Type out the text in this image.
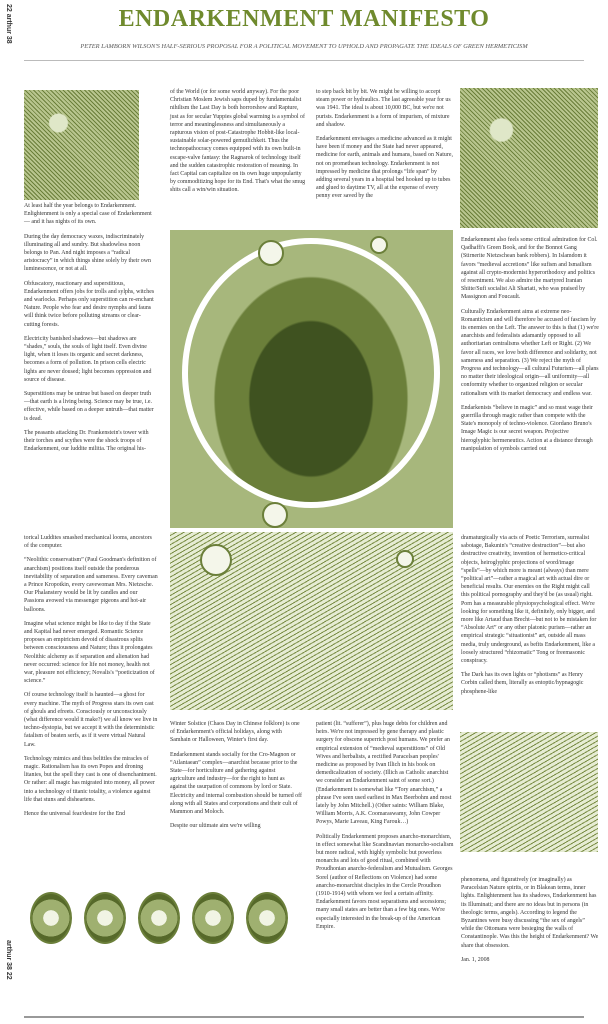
22 arthur 38
arthur 38 22
ENDARKENMENT MANIFESTO
PETER LAMBORN WILSON'S HALF-SERIOUS PROPOSAL FOR A POLITICAL MOVEMENT TO UPHOLD AND PROPAGATE THE IDEALS OF GREEN HERMETICISM

At least half the year belongs to Endarkenment. Enlightenment is only a special case of Endarkenment— and it has nights of its own.

During the day democracy waxes, indiscriminately illuminating all and sundry. But shadowless noon belongs to Pan. And night imposes a “radical aristocracy” in which things shine solely by their own luminescence, or not at all.

Obfuscatory, reactionary and superstitious, Endarkenment offers jobs for trolls and sylphs, witches and warlocks. Perhaps only superstition can re-enchant Nature. People who fear and desire nymphs and fauns will think twice before polluting streams or clear-cutting forests.

Electricity banished shadows—but shadows are “shades,” souls, the souls of light itself. Even divine light, when it loses its organic and secret darkness, becomes a form of pollution. In prison cells electric lights are never doused; light becomes oppression and source of disease.

Superstitions may be untrue but based on deeper truth—that earth is a living being. Science may be true, i.e. effective, while based on a deeper untruth—that matter is dead.

The peasants attacking Dr. Frankenstein's tower with their torches and scythes were the shock troops of Endarkenment, our luddite militia. The original his-

of the World (or for some world anyway). For the poor Christian Moslem Jewish saps duped by fundamentalist nihilism the Last Day is both horrorshow and Rapture, just as for secular Yuppies global warming is a symbol of terror and meaninglessness and simultaneously a rapturous vision of post-Catastrophe Hobbit-like local-sustainable solar-powered gemutlichkeit. Thus the technopathocracy comes equipped with its own built-in escape-valve fantasy: the Ragnarok of technology itself and the sudden catastrophic restoration of meaning. In fact Capital can capitalize on its own huge unpopularity by commoditizing hope for its End. That's what the smug shits call a win/win situation.

to step back bit by bit. We might be willing to accept steam power or hydraulics. The last agreeable year for us was 1941. The ideal is about 10,000 BC, but we're not purists. Endarkenment is a form of impurism, of mixture and shadow.

Endarkenment envisages a medicine advanced as it might have been if money and the State had never appeared, medicine for earth, animals and humans, based on Nature, not on promethean technology. Endarkenment is not impressed by medicine that prolongs “life span” by adding several years in a hospital bed hooked up to tubes and glued to daytime TV, all at the expense of every penny ever saved by the

Endarkenment also feels some critical admiration for Col. Qadhaffi's Green Book, and for the Bonnot Gang (Stirnerite Nietzschean bank robbers). In Islamdom it favors “medieval accretions” like sufism and Ismailism against all crypto-modernist hyperorthodoxy and politics of resentment. We also admire the martyred Iranian Shiite/Sufi socialist Ali Shariati, who was praised by Massignon and Foucault.

Culturally Endarkenment aims at extreme neo-Romanticism and will therefore be accused of fascism by its enemies on the Left. The answer to this is that (1) we're anarchists and federalists adamantly opposed to all authoritarian centralisms whether Left or Right. (2) We favor all races, we love both difference and solidarity, not sameness and separation. (3) We reject the myth of Progress and technology—all cultural Futurism—all plans no matter their ideological origin—all uniformity—all conformity whether to organized religion or secular rationalism with its market democracy and endless war.

Endarkenists “believe in magic” and so must wage their guerrilla through magic rather than compete with the State's monopoly of techno-violence. Giordano Bruno's Image Magic is our secret weapon. Projective hieroglyphic hermeneutics. Action at a distance through manipulation of symbols carried out

torical Luddites smashed mechanical looms, ancestors of the computer.

“Neolithic conservatism” (Paul Goodman's definition of anarchism) positions itself outside the ponderous inevitability of separation and sameness. Every caveman a Prince Kropotkin, every cavewoman Mrs. Nietzsche. Our Phalanstery would be lit by candles and our Passions avowed via messenger pigeons and hot-air balloons.

Imagine what science might be like to day if the State and Kapital had never emerged. Romantic Science proposes an empiricism devoid of disastrous splits between consciousness and Nature; thus it prolongates Neolithic alchemy as if separation and alienation had never occurred: science for life not money, health not war, pleasure not efficiency; Novalis's “poeticization of science.”

Of course technology itself is haunted—a ghost for every machine. The myth of Progress stars its own cast of ghouls and efreets. Consciously or unconsciously (what difference would it make?) we all know we live in techno-dystopia, but we accept it with the deterministic fatalism of beaten serfs, as if it were virtual Natural Law.

Technology mimics and thus belittles the miracles of magic. Rationalism has its own Popes and droning litanies, but the spell they cast is one of disenchantment. Or rather: all magic has migrated into money, all power into a technology of titanic totality, a violence against life that stuns and disheartens.

Hence the universal fear/desire for the End

Winter Solstice (Chaos Day in Chinese folklore) is one of Endarkenment's official holidays, along with Samhain or Halloween, Winter's first day.

Endarkenment stands socially for the Cro-Magnon or “Atlantaean” complex—anarchist because prior to the State—for horticulture and gathering against agriculture and industry—for the right to hunt as against the usurpation of commons by lord or State. Electricity and internal combustion should be turned off along with all States and corporations and their cult of Mammon and Moloch.

Despite our ultimate aim we're willing

patient (lit. “sufferer”), plus huge debts for children and heirs. We're not impressed by gene therapy and plastic surgery for obscene superrich post humans. We prefer an empirical extension of “medieval superstitions” of Old Wives and herbalists, a rectified Paracelsan peoples' medicine as proposed by Ivan Illich in his book on demedicalization of society. (Illich as Catholic anarchist we consider an Endarkenment saint of some sort.) (Endarkenment is somewhat like “Tory anarchism,” a phrase I've seen used earliest in Max Beerbohm and most lately by John Mitchell.) (Other saints: William Blake, William Morris, A.K. Coomaraswamy, John Cowper Powys, Marie Laveau, King Farouk…)

Politically Endarkenment proposes anarcho-monarchism, in effect somewhat like Scandinavian monarcho-socialism but more radical, with highly symbolic but powerless monarchs and lots of good ritual, combined with Proudhonian anarcho-federalism and Mutualism. Georges Sorel (author of Reflections on Violence) had some anarcho-monarchist disciples in the Cercle Proudhon (1910-1914) with whom we feel a certain affinity. Endarkenment favors most separatisms and secessions; many small states are better than a few big ones. We're especially interested in the break-up of the American Empire.

dramaturgically via acts of Poetic Terrorism, surrealist sabotage, Bakunin's “creative destruction”—but also destructive creativity, invention of hermetico-critical objects, heiroglyphic projections of word/image “spells”—by which more is meant (always) than mere “political art”—rather a magical art with actual dire or beneficial results. Our enemies on the Right might call this political pornography and they'd be (as usual) right. Porn has a measurable physiopsychological effect. We're looking for something like it, definitely, only bigger, and more like Artaud than Brecht—but not to be mistaken for “Absolute Art” or any other platonic purism—rather an empirical strategic “situationist” art, outside all mass media, truly underground, as befits Endarkenment, like a loosely structured “rhizomatic” Tong or freemasonic conspiracy.

The Dark has its own lights or “photisms” as Henry Corbin called them, literally as entoptic/hypnagogic phosphene-like

phenomena, and figuratively (or imaginally) as Paracelsian Nature spirits, or in Blakean terms, inner lights. Enlightenment has its shadows, Endarkenment has its Illuminati; and there are no ideas but in persons (in theologic terms, angels). According to legend the Byzantines were busy discussing “the sex of angels” while the Ottomans were besieging the walls of Constantinople. Was this the height of Endarkenment? We share that obsession.

Jan. 1, 2008
